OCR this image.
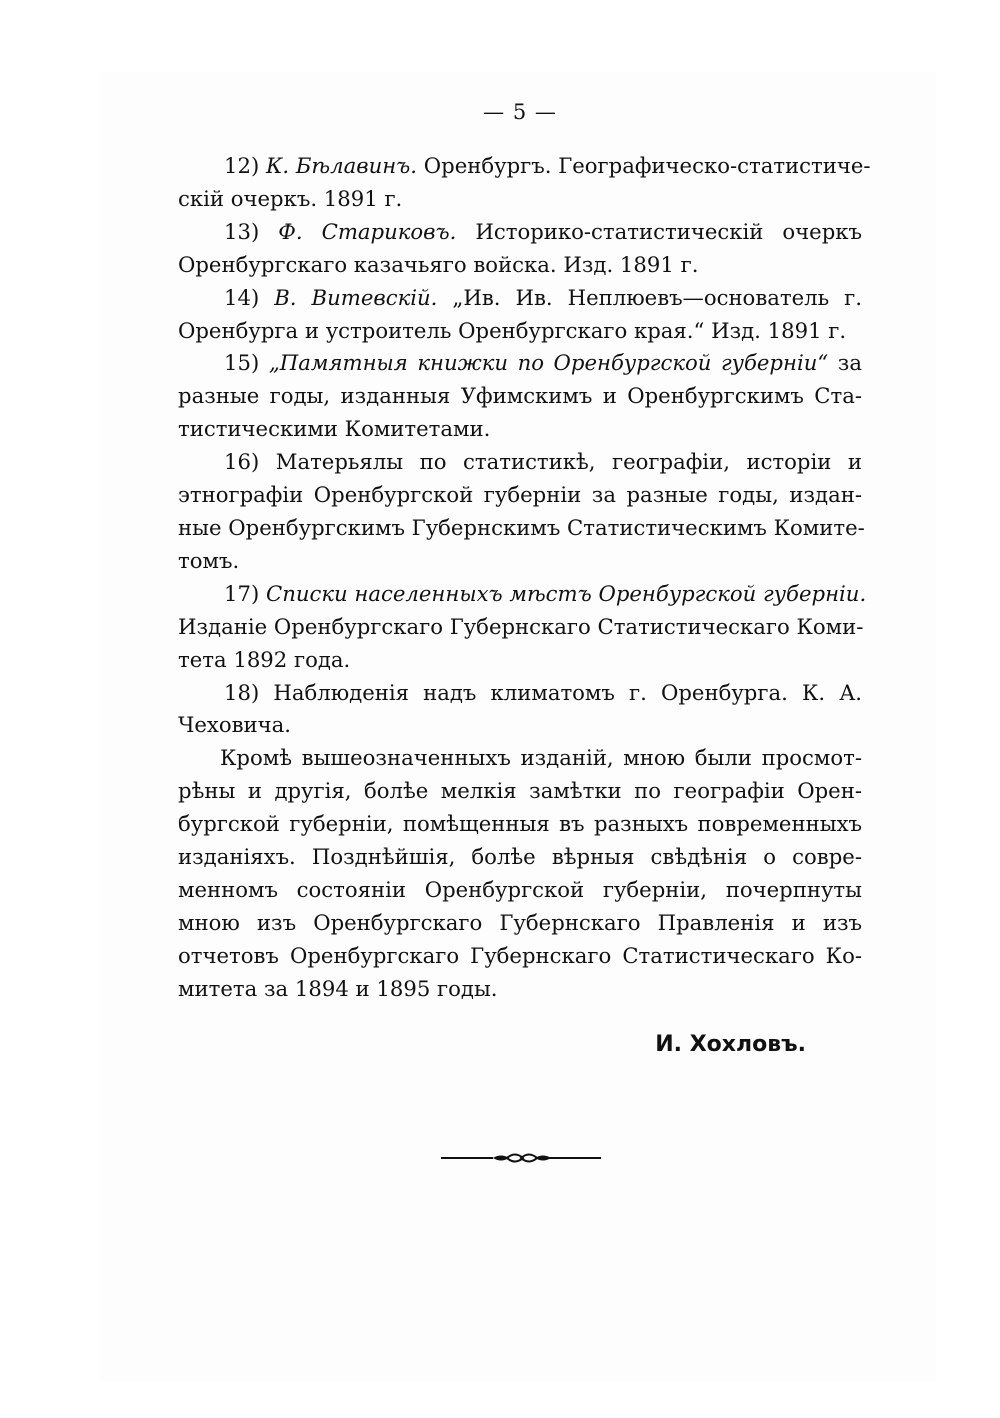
— 5 —

12) К. Бѣлавинъ. Оренбургъ. Географическо-статистиче-
скій очеркъ. 1891 г.

13) Ф. Стариковъ. Историко-статистическій очеркъ
Оренбургскаго казачьяго войска. Изд. 1891 г.

14) В. Витевскій. „Ив. Ив. Неплюевъ—основатель г.
Оренбурга и устроитель Оренбургскаго края.“ Изд. 1891 г.

15) „Памятныя книжки по Оренбургской губерніи“ за
разные годы, изданныя Уфимскимъ и Оренбургскимъ Ста-
тистическими Комитетами.

16) Матерьялы по статистикѣ, географіи, исторіи и
этнографіи Оренбургской губерніи за разные годы, издан-
ные Оренбургскимъ Губернскимъ Статистическимъ Комите-
томъ.

17) Списки населенныхъ мѣстъ Оренбургской губерніи.
Изданіе Оренбургскаго Губернскаго Статистическаго Коми-
тета 1892 года.

18) Наблюденія надъ климатомъ г. Оренбурга. К. А.
Чеховича.

Кромѣ вышеозначенныхъ изданій, мною были просмот-
рѣны и другія, болѣе мелкія замѣтки по географіи Орен-
бургской губерніи, помѣщенныя въ разныхъ повременныхъ
изданіяхъ. Позднѣйшія, болѣе вѣрныя свѣдѣнія о совре-
менномъ состояніи Оренбургской губерніи, почерпнуты
мною изъ Оренбургскаго Губернскаго Правленія и изъ
отчетовъ Оренбургскаго Губернскаго Статистическаго Ко-
митета за 1894 и 1895 годы.

И. Хохловъ.
